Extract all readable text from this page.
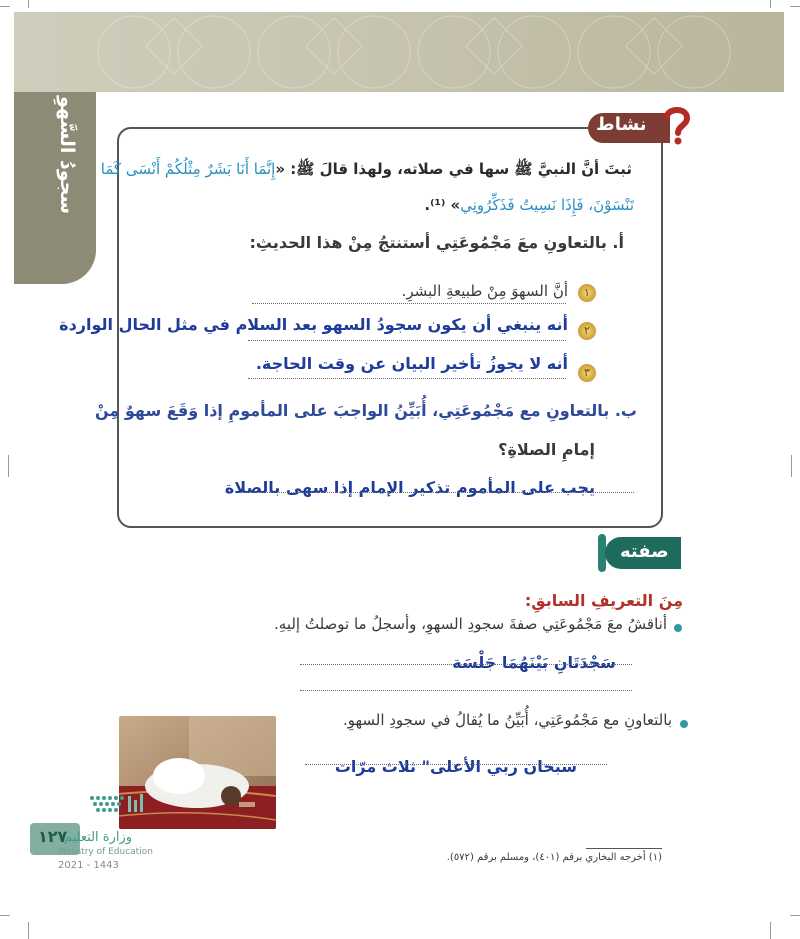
سجودُ السَّهوِ	نشاط
ثبتَ أنَّ النبيَّ ﷺ سها في صلاته، ولهذا قالَ ﷺ: «إِنَّمَا أَنَا بَشَرٌ مِثْلُكُمْ أَنْسَى كَمَا
تَنْسَوْنَ، فَإِذَا نَسِيتُ فَذَكِّرُونِي» ⁽¹⁾.
أ. بالتعاونِ معَ مَجْمُوعَتِي أستنتجُ مِنْ هذا الحديثِ:
١
أنَّ السهوَ مِنْ طبيعةِ البشرِ.
٢
أنه ينبغي أن يكون سجودُ السهو بعد السلام في مثل الحال الواردة
٣
أنه لا يجوزُ تأخير البيان عن وقت الحاجة.
ب. بالتعاونِ مع مَجْمُوعَتِي، أُبَيِّنُ الواجبَ على المأمومِ إذا وَقَعَ سهوٌ مِنْ
إمامِ الصلاةِ؟
يجب على المأموم تذكير الإمام إذا سهى بالصلاة
صفته
مِنَ التعريفِ السابقِ:
أناقشُ معَ مَجْمُوعَتِي صفةَ سجودِ السهوِ، وأسجلُ ما توصلتُ إليهِ.
سَجْدَتَانِ بَيْنَهُمَا جَلْسَة
بالتعاونِ مع مَجْمُوعَتِي، أُبَيِّنُ ما يُقالُ في سجودِ السهوِ.
سبحان ربي الأعلى" ثلاث مرّات
١٢٧
وزارة التعليم
Ministry of Education
2021 - 1443
(١) أخرجه البخاري برقم (٤٠١)، ومسلم برقم (٥٧٢).
